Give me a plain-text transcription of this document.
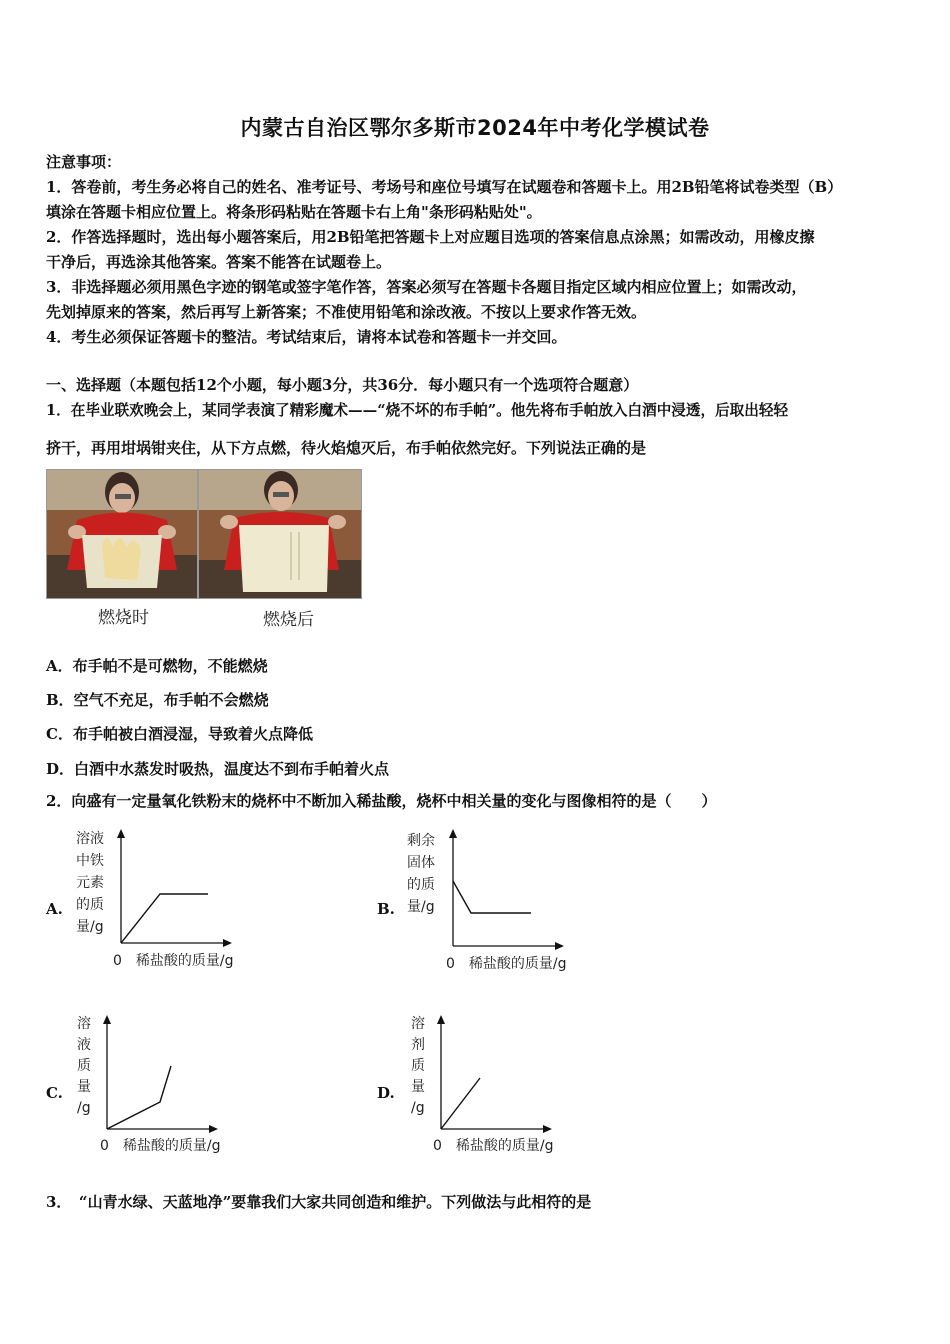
内蒙古自治区鄂尔多斯市2024年中考化学模试卷
注意事项：
1．答卷前，考生务必将自己的姓名、准考证号、考场号和座位号填写在试题卷和答题卡上。用2B铅笔将试卷类型（B）
填涂在答题卡相应位置上。将条形码粘贴在答题卡右上角"条形码粘贴处"。
2．作答选择题时，选出每小题答案后，用2B铅笔把答题卡上对应题目选项的答案信息点涂黑；如需改动，用橡皮擦
干净后，再选涂其他答案。答案不能答在试题卷上。
3．非选择题必须用黑色字迹的钢笔或签字笔作答，答案必须写在答题卡各题目指定区域内相应位置上；如需改动，
先划掉原来的答案，然后再写上新答案；不准使用铅笔和涂改液。不按以上要求作答无效。
4．考生必须保证答题卡的整洁。考试结束后，请将本试卷和答题卡一并交回。
一、选择题（本题包括12个小题，每小题3分，共36分．每小题只有一个选项符合题意）
1．在毕业联欢晚会上，某同学表演了精彩魔术——“烧不坏的布手帕”。他先将布手帕放入白酒中浸透，后取出轻轻
挤干，再用坩埚钳夹住，从下方点燃，待火焰熄灭后，布手帕依然完好。下列说法正确的是
燃烧时	燃烧后
A．布手帕不是可燃物，不能燃烧
B．空气不充足，布手帕不会燃烧
C．布手帕被白酒浸湿，导致着火点降低
D．白酒中水蒸发时吸热，温度达不到布手帕着火点
2．向盛有一定量氧化铁粉末的烧杯中不断加入稀盐酸，烧杯中相关量的变化与图像相符的是（　　）
A.
溶液
中铁
元素
的质
量/g
0　稀盐酸的质量/g
B.
剩余
固体
的质
量/g
0　稀盐酸的质量/g
C.
溶
液
质
量
/g
0　稀盐酸的质量/g
D.
溶
剂
质
量
/g
0　稀盐酸的质量/g
3．　“山青水绿、天蓝地净”要靠我们大家共同创造和维护。下列做法与此相符的是
